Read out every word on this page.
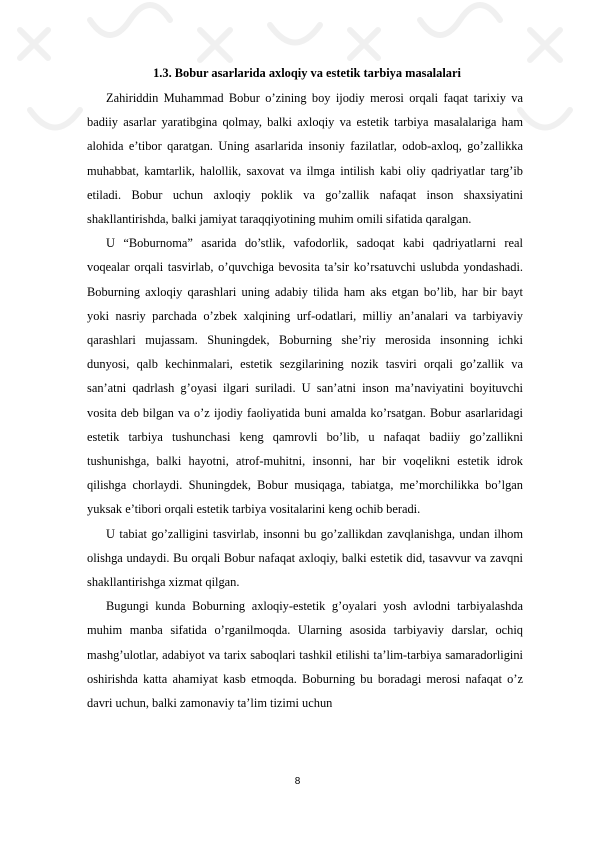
1.3. Bobur asarlarida axloqiy va estetik tarbiya masalalari

Zahiriddin Muhammad Bobur o’zining boy ijodiy merosi orqali faqat tarixiy va badiiy asarlar yaratibgina qolmay, balki axloqiy va estetik tarbiya masalalariga ham alohida e’tibor qaratgan. Uning asarlarida insoniy fazilatlar, odob-axloq, go’zallikka muhabbat, kamtarlik, halollik, saxovat va ilmga intilish kabi oliy qadriyatlar targ’ib etiladi. Bobur uchun axloqiy poklik va go’zallik nafaqat inson shaxsiyatini shakllantirishda, balki jamiyat taraqqiyotining muhim omili sifatida qaralgan.

U “Boburnoma” asarida do’stlik, vafodorlik, sadoqat kabi qadriyatlarni real voqealar orqali tasvirlab, o’quvchiga bevosita ta’sir ko’rsatuvchi uslubda yondashadi. Boburning axloqiy qarashlari uning adabiy tilida ham aks etgan bo’lib, har bir bayt yoki nasriy parchada o’zbek xalqining urf-odatlari, milliy an’analari va tarbiyaviy qarashlari mujassam. Shuningdek, Boburning she’riy merosida insonning ichki dunyosi, qalb kechinmalari, estetik sezgilarining nozik tasviri orqali go’zallik va san’atni qadrlash g’oyasi ilgari suriladi. U san’atni inson ma’naviyatini boyituvchi vosita deb bilgan va o’z ijodiy faoliyatida buni amalda ko’rsatgan. Bobur asarlaridagi estetik tarbiya tushunchasi keng qamrovli bo’lib, u nafaqat badiiy go’zallikni tushunishga, balki hayotni, atrof-muhitni, insonni, har bir voqelikni estetik idrok qilishga chorlaydi. Shuningdek, Bobur musiqaga, tabiatga, me’morchilikka bo’lgan yuksak e’tibori orqali estetik tarbiya vositalarini keng ochib beradi.

U tabiat go’zalligini tasvirlab, insonni bu go’zallikdan zavqlanishga, undan ilhom olishga undaydi. Bu orqali Bobur nafaqat axloqiy, balki estetik did, tasavvur va zavqni shakllantirishga xizmat qilgan.

Bugungi kunda Boburning axloqiy-estetik g’oyalari yosh avlodni tarbiyalashda muhim manba sifatida o’rganilmoqda. Ularning asosida tarbiyaviy darslar, ochiq mashg’ulotlar, adabiyot va tarix saboqlari tashkil etilishi ta’lim-tarbiya samaradorligini oshirishda katta ahamiyat kasb etmoqda. Boburning bu boradagi merosi nafaqat o’z davri uchun, balki zamonaviy ta’lim tizimi uchun

8
